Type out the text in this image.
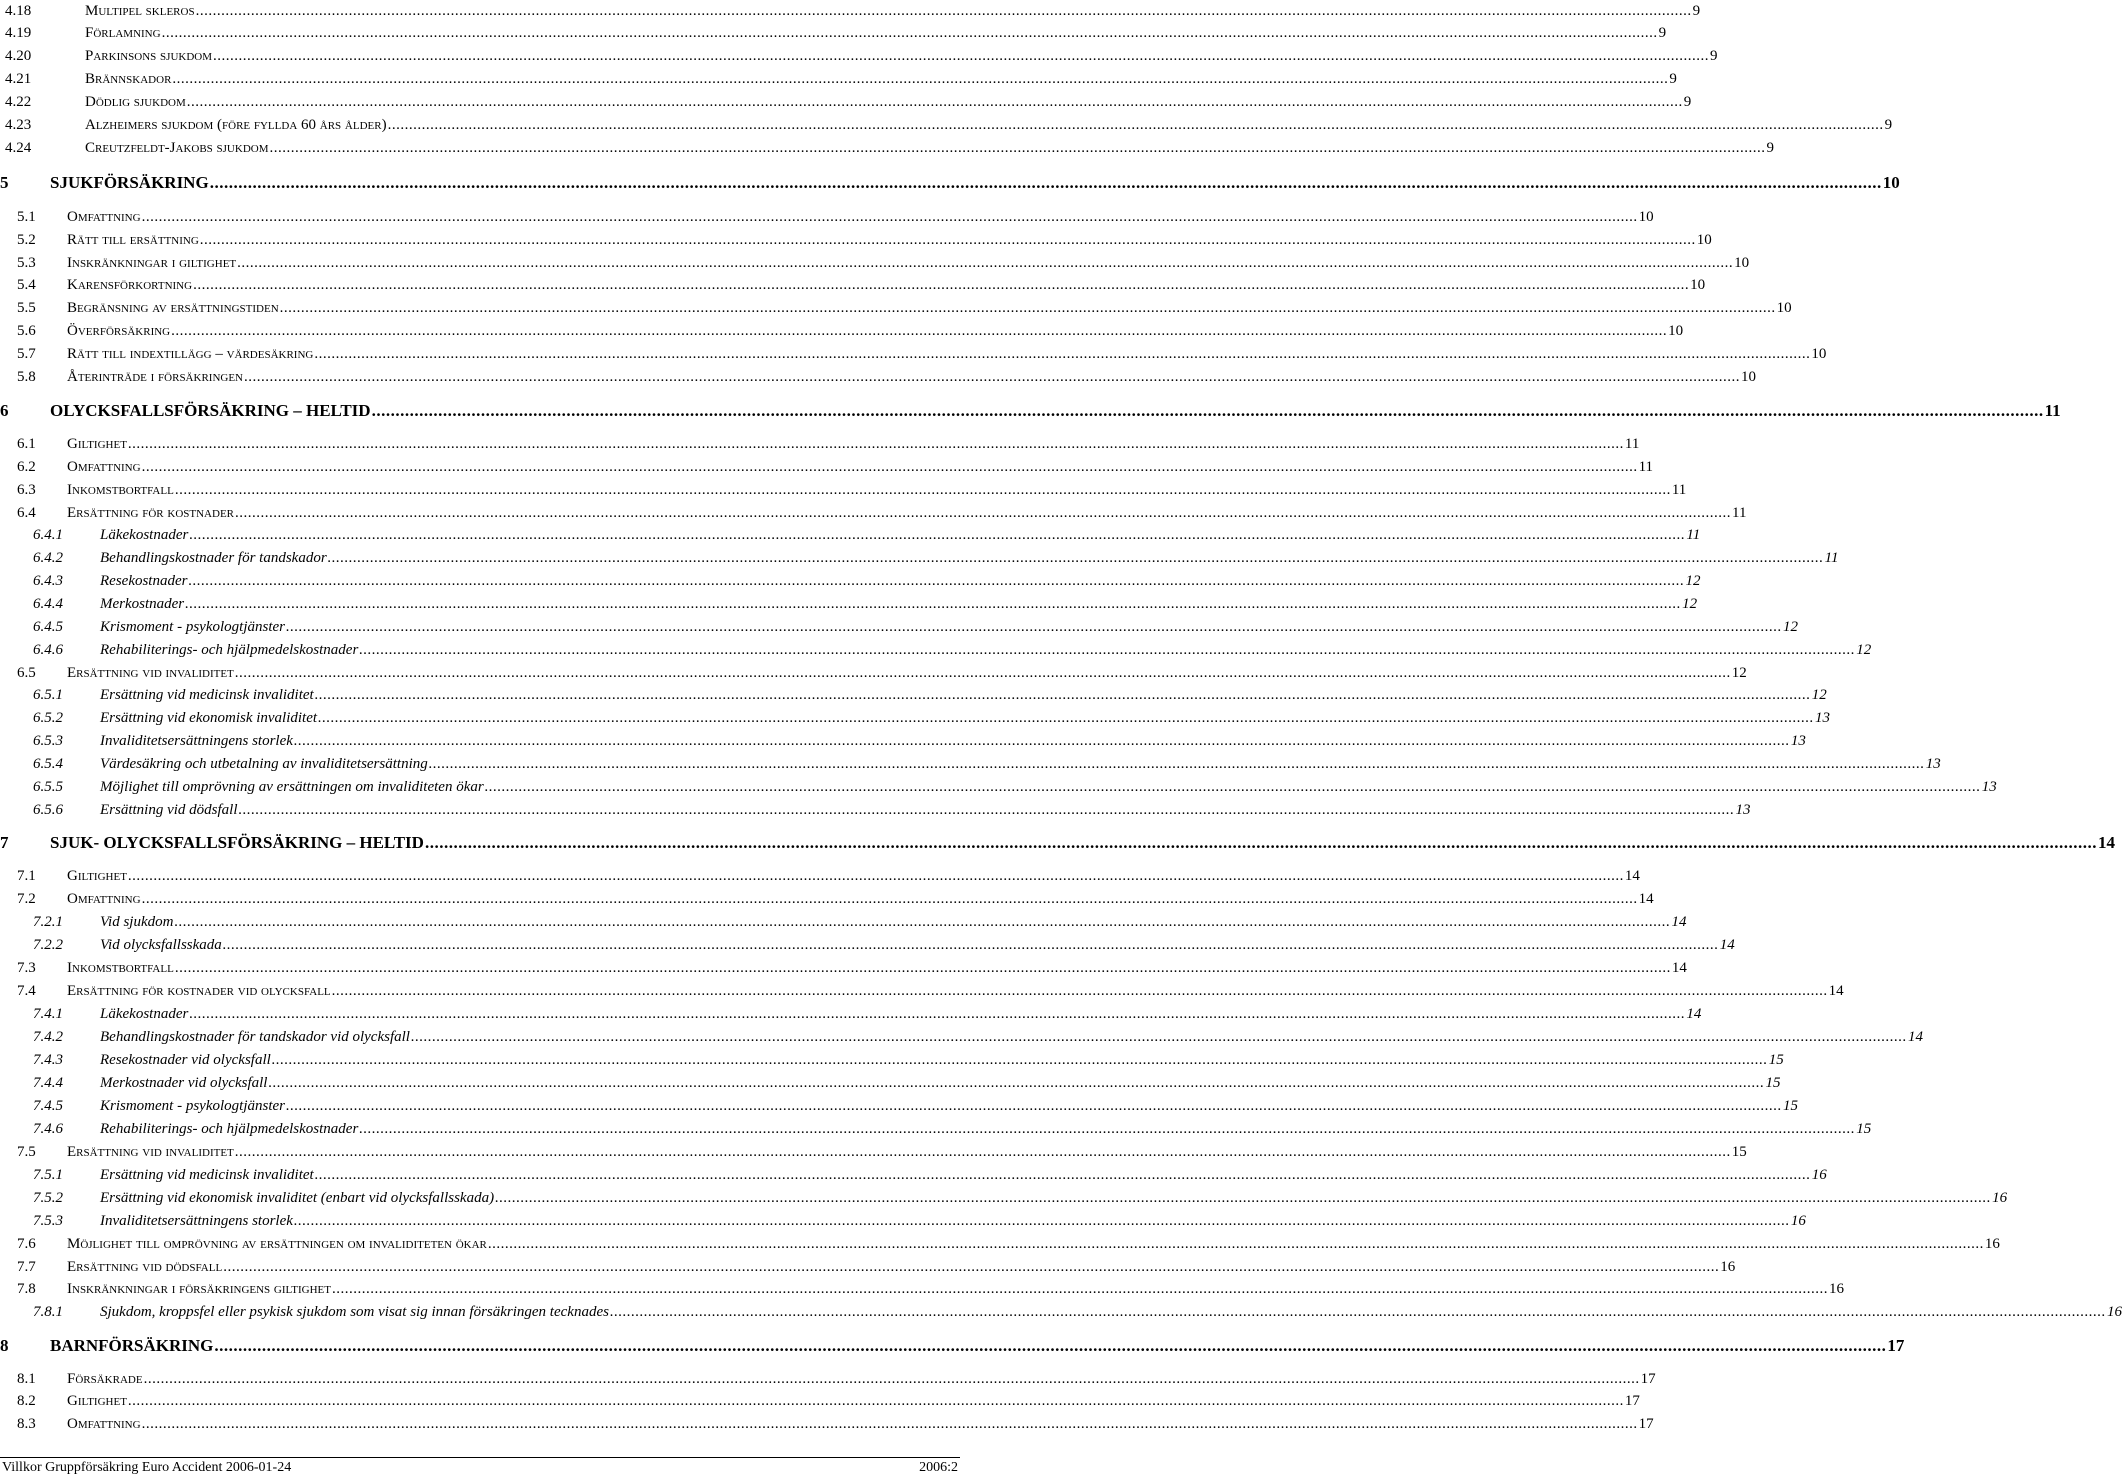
4.18	Multipel skleros .....	9
4.19	Förlamning .....	9
4.20	Parkinsons sjukdom .....	9
4.21	Brännskador .....	9
4.22	Dödlig sjukdom .....	9
4.23	Alzheimers sjukdom (före fyllda 60 års ålder) .....	9
4.24	Creutzfeldt-Jakobs sjukdom .....	9
5 SJUKFÖRSÄKRING .....	10
5.1 Omfattning .....	10
5.2 Rätt till ersättning .....	10
5.3 Inskränkningar i giltighet .....	10
5.4 Karensförkortning .....	10
5.5 Begränsning av ersättningstiden .....	10
5.6 Överförsäkring .....	10
5.7 Rätt till indextillägg – värdesäkring .....	10
5.8 Återinträde i försäkringen .....	10
6 OLYCKSFALLSFÖRSÄKRING – HELTID .....	11
6.1 Giltighet .....	11
6.2 Omfattning .....	11
6.3 Inkomstbortfall .....	11
6.4 Ersättning för kostnader .....	11
6.4.1 Läkekostnader .....	11
6.4.2 Behandlingskostnader för tandskador .....	11
6.4.3 Resekostnader .....	12
6.4.4 Merkostnader .....	12
6.4.5 Krismoment - psykologtjänster .....	12
6.4.6 Rehabiliterings- och hjälpmedelskostnader .....	12
6.5 Ersättning vid invaliditet .....	12
6.5.1 Ersättning vid medicinsk invaliditet .....	12
6.5.2 Ersättning vid ekonomisk invaliditet .....	13
6.5.3 Invaliditetsersättningens storlek .....	13
6.5.4 Värdesäkring och utbetalning av invaliditetsersättning .....	13
6.5.5 Möjlighet till omprövning av ersättningen om invaliditeten ökar .....	13
6.5.6 Ersättning vid dödsfall .....	13
7 SJUK- OLYCKSFALLSFÖRSÄKRING – HELTID .....	14
7.1 Giltighet .....	14
7.2 Omfattning .....	14
7.2.1 Vid sjukdom .....	14
7.2.2 Vid olycksfallsskada .....	14
7.3 Inkomstbortfall .....	14
7.4 Ersättning för kostnader vid olycksfall .....	14
7.4.1 Läkekostnader .....	14
7.4.2 Behandlingskostnader för tandskador vid olycksfall .....	14
7.4.3 Resekostnader vid olycksfall .....	15
7.4.4 Merkostnader vid olycksfall .....	15
7.4.5 Krismoment - psykologtjänster .....	15
7.4.6 Rehabiliterings- och hjälpmedelskostnader .....	15
7.5 Ersättning vid invaliditet .....	15
7.5.1 Ersättning vid medicinsk invaliditet .....	16
7.5.2 Ersättning vid ekonomisk invaliditet (enbart vid olycksfallsskada) .....	16
7.5.3 Invaliditetsersättningens storlek .....	16
7.6 Möjlighet till omprövning av ersättningen om invaliditeten ökar .....	16
7.7 Ersättning vid dödsfall .....	16
7.8 Inskränkningar i försäkringens giltighet .....	16
7.8.1 Sjukdom, kroppsfel eller psykisk sjukdom som visat sig innan försäkringen tecknades .....	16
8 BARNFÖRSÄKRING .....	17
8.1 Försäkrade .....	17
8.2 Giltighet .....	17
8.3 Omfattning .....	17
Villkor Gruppförsäkring Euro Accident 2006-01-24	2006:2
